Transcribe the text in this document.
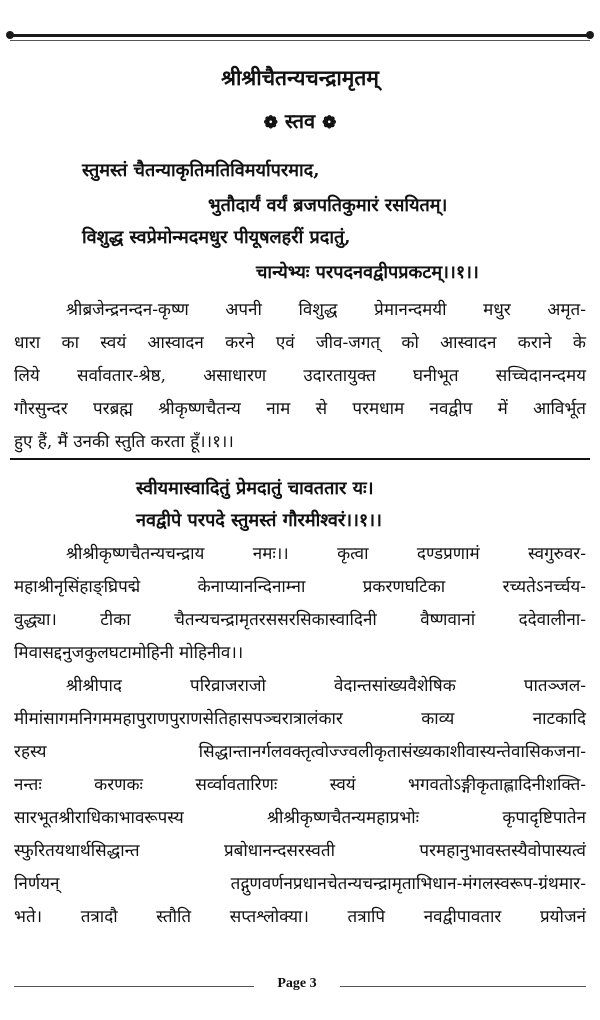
श्रीश्रीचैतन्यचन्द्रामृतम्
❁ स्तव ❁
स्तुमस्तं चैतन्याकृतिमतिविमर्यापरमाद,
भुतौदार्यं वर्यं ब्रजपतिकुमारं रसयितम्।
विशुद्ध स्वप्रेमोन्मदमधुर पीयूषलहरीं प्रदातुं,
चान्येभ्यः परपदनवद्वीपप्रकटम्।।१।।
श्रीब्रजेन्द्रनन्दन-कृष्ण अपनी विशुद्ध प्रेमानन्दमयी मधुर अमृत-
धारा का स्वयं आस्वादन करने एवं जीव-जगत् को आस्वादन कराने के
लिये सर्वावतार-श्रेष्ठ, असाधारण उदारतायुक्त घनीभूत सच्चिदानन्दमय
गौरसुन्दर परब्रह्म श्रीकृष्णचैतन्य नाम से परमधाम नवद्वीप में आविर्भूत
हुए हैं, मैं उनकी स्तुति करता हूँ।।१।।
स्वीयमास्वादितुं प्रेमदातुं चावततार यः।
नवद्वीपे परपदे स्तुमस्तं गौरमीश्वरं।।१।।
श्रीश्रीकृष्णचैतन्यचन्द्राय नमः।। कृत्वा दण्डप्रणामं स्वगुरुवर-
महाश्रीनृसिंहाङ्घ्रिपद्मे केनाप्यानन्दिनाम्ना प्रकरणघटिका रच्यतेऽनर्च्चय-
वुद्ध्या। टीका चैतन्यचन्द्रामृतरससरसिकास्वादिनी वैष्णवानां ददेवालीना-
मिवासद्दनुजकुलघटामोहिनी मोहिनीव।।
श्रीश्रीपाद परिव्राजराजो वेदान्तसांख्यवैशेषिक पातञ्जल-
मीमांसागमनिगममहापुराणपुराणसेतिहासपञ्चरात्रालंकार काव्य नाटकादि
रहस्य सिद्धान्तानर्गलवक्तृत्वोज्ज्वलीकृतासंख्यकाशीवास्यन्तेवासिकजना-
नन्तः करणकः सर्व्वावतारिणः स्वयं भगवतोऽङ्गीकृताह्लादिनीशक्ति-
सारभूतश्रीराधिकाभावरूपस्य श्रीश्रीकृष्णचैतन्यमहाप्रभोः कृपादृष्टिपातेन
स्फुरितयथार्थसिद्धान्त प्रबोधानन्दसरस्वती परमहानुभावस्तस्यैवोपास्यत्वं
निर्णयन् तद्गुणवर्णनप्रधानचेतन्यचन्द्रामृताभिधान-मंगलस्वरूप-ग्रंथमार-
भते। तत्रादौ स्तौति सप्तश्लोक्या। तत्रापि नवद्वीपावतार प्रयोजनं
Page 3
